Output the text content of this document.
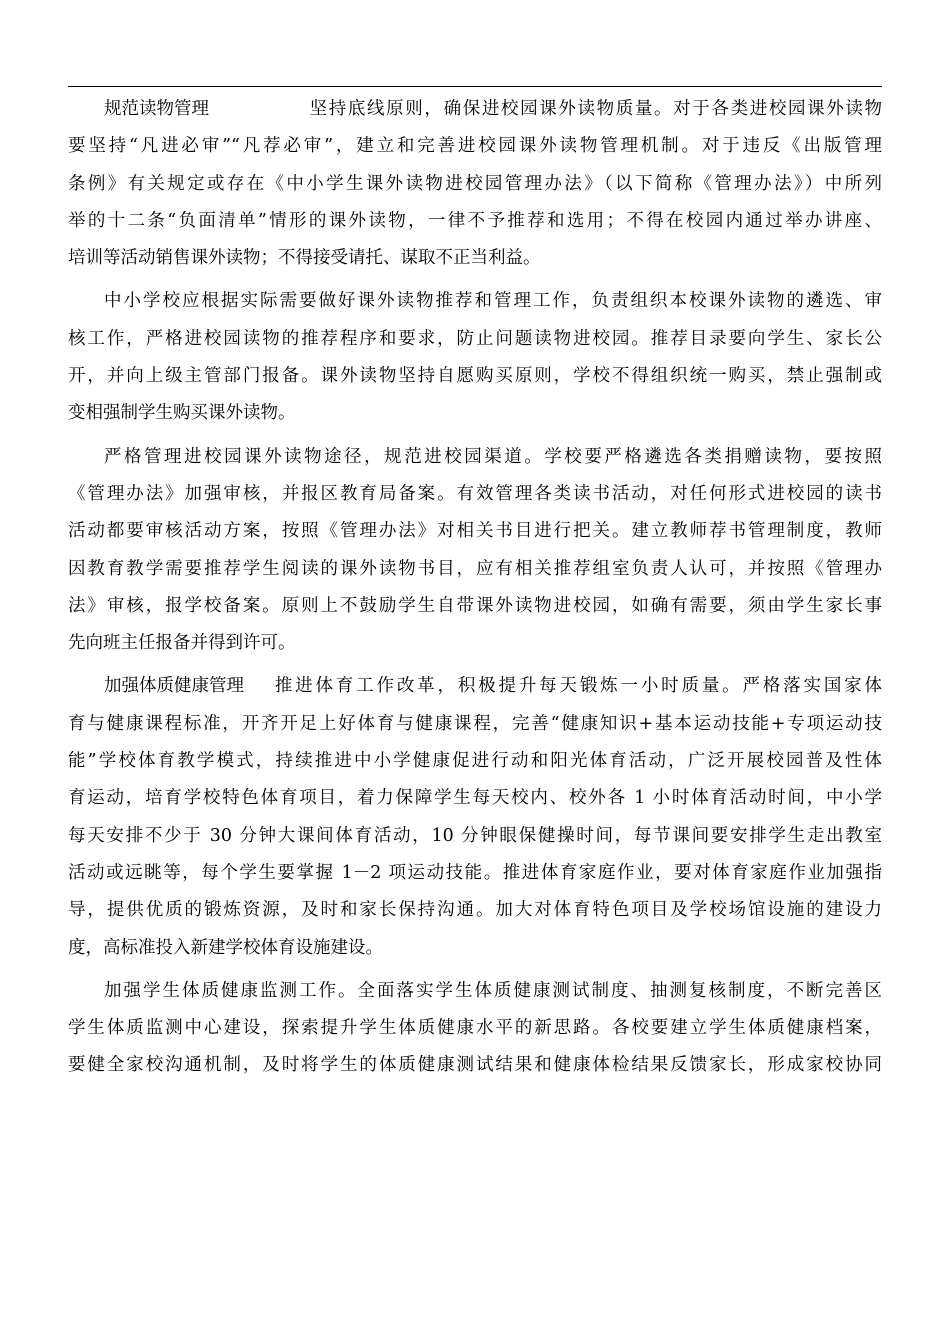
规范读物管理	坚持底线原则，确保进校园课外读物质量。对于各类进校园课外读物
要坚持“凡进必审”“凡荐必审”，建立和完善进校园课外读物管理机制。对于违反《出版管理
条例》有关规定或存在《中小学生课外读物进校园管理办法》（以下简称《管理办法》）中所列
举的十二条“负面清单”情形的课外读物，一律不予推荐和选用；不得在校园内通过举办讲座、
培训等活动销售课外读物；不得接受请托、谋取不正当利益。
中小学校应根据实际需要做好课外读物推荐和管理工作，负责组织本校课外读物的遴选、审
核工作，严格进校园读物的推荐程序和要求，防止问题读物进校园。推荐目录要向学生、家长公
开，并向上级主管部门报备。课外读物坚持自愿购买原则，学校不得组织统一购买，禁止强制或
变相强制学生购买课外读物。
严格管理进校园课外读物途径，规范进校园渠道。学校要严格遴选各类捐赠读物，要按照
《管理办法》加强审核，并报区教育局备案。有效管理各类读书活动，对任何形式进校园的读书
活动都要审核活动方案，按照《管理办法》对相关书目进行把关。建立教师荐书管理制度，教师
因教育教学需要推荐学生阅读的课外读物书目，应有相关推荐组室负责人认可，并按照《管理办
法》审核，报学校备案。原则上不鼓励学生自带课外读物进校园，如确有需要，须由学生家长事
先向班主任报备并得到许可。
加强体质健康管理 推进体育工作改革，积极提升每天锻炼一小时质量。严格落实国家体
育与健康课程标准，开齐开足上好体育与健康课程，完善“健康知识+基本运动技能+专项运动技
能”学校体育教学模式，持续推进中小学健康促进行动和阳光体育活动，广泛开展校园普及性体
育运动，培育学校特色体育项目，着力保障学生每天校内、校外各 1 小时体育活动时间，中小学
每天安排不少于 30 分钟大课间体育活动，10 分钟眼保健操时间，每节课间要安排学生走出教室
活动或远眺等，每个学生要掌握 1－2 项运动技能。推进体育家庭作业，要对体育家庭作业加强指
导，提供优质的锻炼资源，及时和家长保持沟通。加大对体育特色项目及学校场馆设施的建设力
度，高标准投入新建学校体育设施建设。
加强学生体质健康监测工作。全面落实学生体质健康测试制度、抽测复核制度，不断完善区
学生体质监测中心建设，探索提升学生体质健康水平的新思路。各校要建立学生体质健康档案，
要健全家校沟通机制，及时将学生的体质健康测试结果和健康体检结果反馈家长，形成家校协同
